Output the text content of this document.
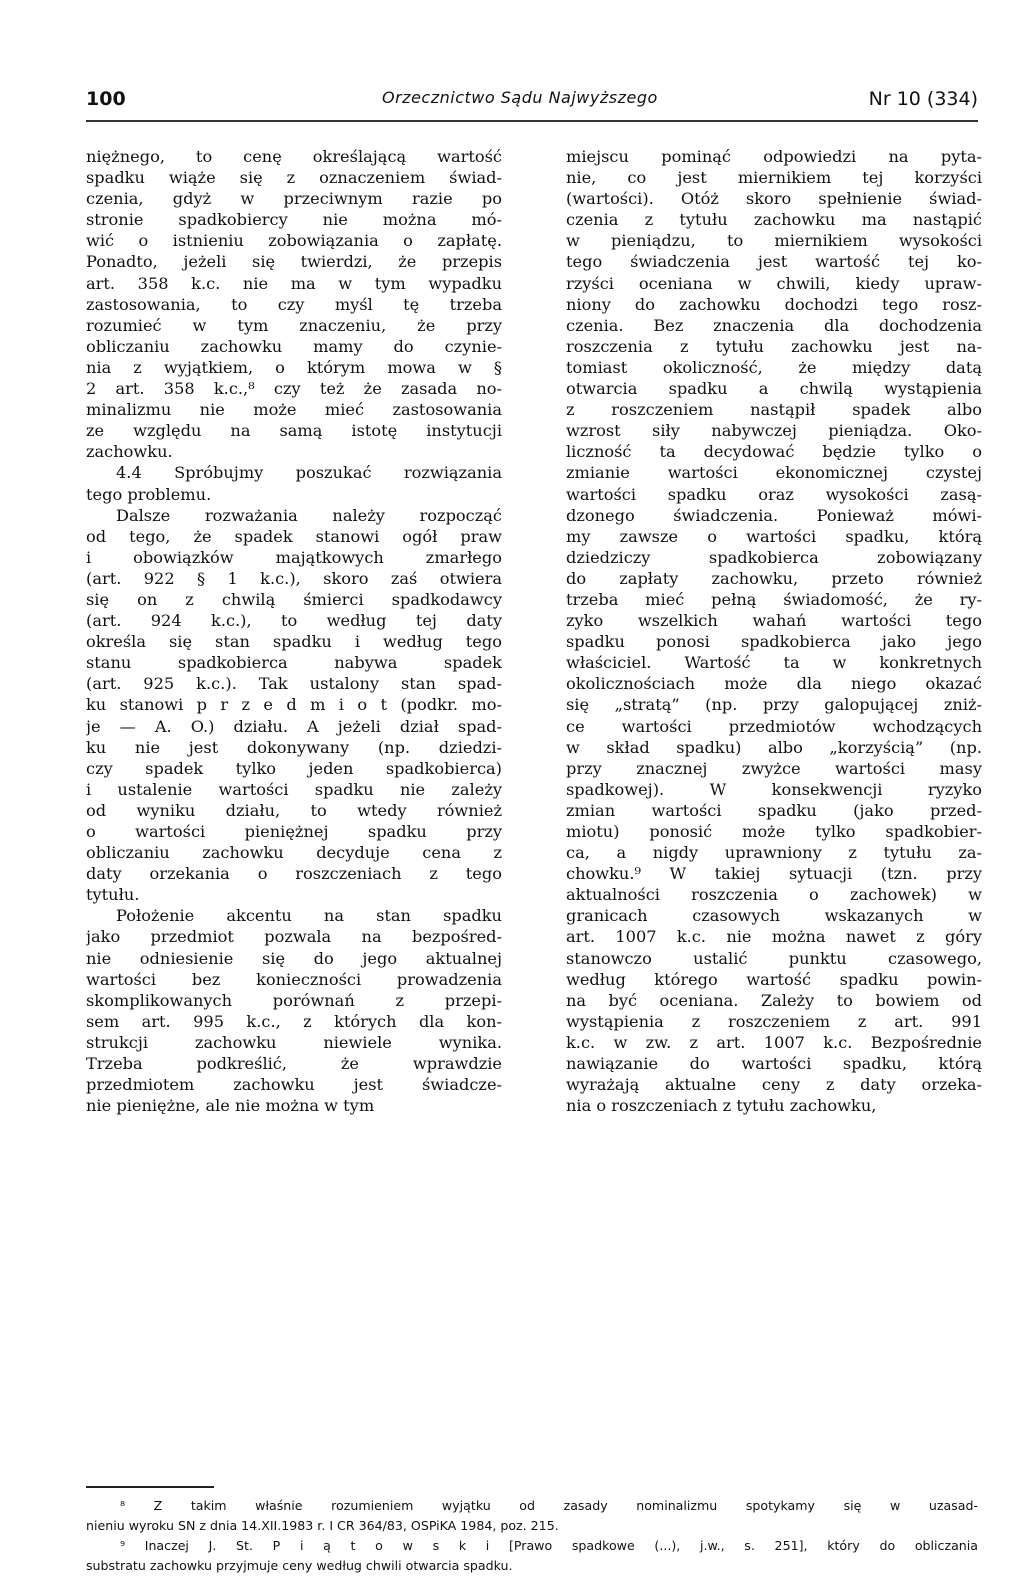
100	Orzecznictwo Sądu Najwyższego	Nr 10 (334)
niężnego, to cenę określającą wartość
spadku wiąże się z oznaczeniem świad-
czenia, gdyż w przeciwnym razie po
stronie spadkobiercy nie można mó-
wić o istnieniu zobowiązania o zapłatę.
Ponadto, jeżeli się twierdzi, że przepis
art. 358 k.c. nie ma w tym wypadku
zastosowania, to czy myśl tę trzeba
rozumieć w tym znaczeniu, że przy
obliczaniu zachowku mamy do czynie-
nia z wyjątkiem, o którym mowa w §
2 art. 358 k.c.,⁸ czy też że zasada no-
minalizmu nie może mieć zastosowania
ze względu na samą istotę instytucji
zachowku.
4.4 Spróbujmy poszukać rozwiązania
tego problemu.
Dalsze rozważania należy rozpocząć
od tego, że spadek stanowi ogół praw
i obowiązków majątkowych zmarłego
(art. 922 § 1 k.c.), skoro zaś otwiera
się on z chwilą śmierci spadkodawcy
(art. 924 k.c.), to według tej daty
określa się stan spadku i według tego
stanu spadkobierca nabywa spadek
(art. 925 k.c.). Tak ustalony stan spad-
ku stanowi p r z e d m i o t (podkr. mo-
je — A. O.) działu. A jeżeli dział spad-
ku nie jest dokonywany (np. dziedzi-
czy spadek tylko jeden spadkobierca)
i ustalenie wartości spadku nie zależy
od wyniku działu, to wtedy również
o wartości pieniężnej spadku przy
obliczaniu zachowku decyduje cena z
daty orzekania o roszczeniach z tego
tytułu.
Położenie akcentu na stan spadku
jako przedmiot pozwala na bezpośred-
nie odniesienie się do jego aktualnej
wartości bez konieczności prowadzenia
skomplikowanych porównań z przepi-
sem art. 995 k.c., z których dla kon-
strukcji zachowku niewiele wynika.
Trzeba podkreślić, że wprawdzie
przedmiotem zachowku jest świadcze-
nie pieniężne, ale nie można w tym
miejscu pominąć odpowiedzi na pyta-
nie, co jest miernikiem tej korzyści
(wartości). Otóż skoro spełnienie świad-
czenia z tytułu zachowku ma nastąpić
w pieniądzu, to miernikiem wysokości
tego świadczenia jest wartość tej ko-
rzyści oceniana w chwili, kiedy upraw-
niony do zachowku dochodzi tego rosz-
czenia. Bez znaczenia dla dochodzenia
roszczenia z tytułu zachowku jest na-
tomiast okoliczność, że między datą
otwarcia spadku a chwilą wystąpienia
z roszczeniem nastąpił spadek albo
wzrost siły nabywczej pieniądza. Oko-
liczność ta decydować będzie tylko o
zmianie wartości ekonomicznej czystej
wartości spadku oraz wysokości zasą-
dzonego świadczenia. Ponieważ mówi-
my zawsze o wartości spadku, którą
dziedziczy spadkobierca zobowiązany
do zapłaty zachowku, przeto również
trzeba mieć pełną świadomość, że ry-
zyko wszelkich wahań wartości tego
spadku ponosi spadkobierca jako jego
właściciel. Wartość ta w konkretnych
okolicznościach może dla niego okazać
się „stratą” (np. przy galopującej zniż-
ce wartości przedmiotów wchodzących
w skład spadku) albo „korzyścią” (np.
przy znacznej zwyżce wartości masy
spadkowej). W konsekwencji ryzyko
zmian wartości spadku (jako przed-
miotu) ponosić może tylko spadkobier-
ca, a nigdy uprawniony z tytułu za-
chowku.⁹ W takiej sytuacji (tzn. przy
aktualności roszczenia o zachowek) w
granicach czasowych wskazanych w
art. 1007 k.c. nie można nawet z góry
stanowczo ustalić punktu czasowego,
według którego wartość spadku powin-
na być oceniana. Zależy to bowiem od
wystąpienia z roszczeniem z art. 991
k.c. w zw. z art. 1007 k.c. Bezpośrednie
nawiązanie do wartości spadku, którą
wyrażają aktualne ceny z daty orzeka-
nia o roszczeniach z tytułu zachowku,
⁸ Z takim właśnie rozumieniem wyjątku od zasady nominalizmu spotykamy się w uzasad-
nieniu wyroku SN z dnia 14.XII.1983 r. I CR 364/83, OSPiKA 1984, poz. 215.
⁹ Inaczej J. St. P i ą t o w s k i [Prawo spadkowe (...), j.w., s. 251], który do obliczania
substratu zachowku przyjmuje ceny według chwili otwarcia spadku.
